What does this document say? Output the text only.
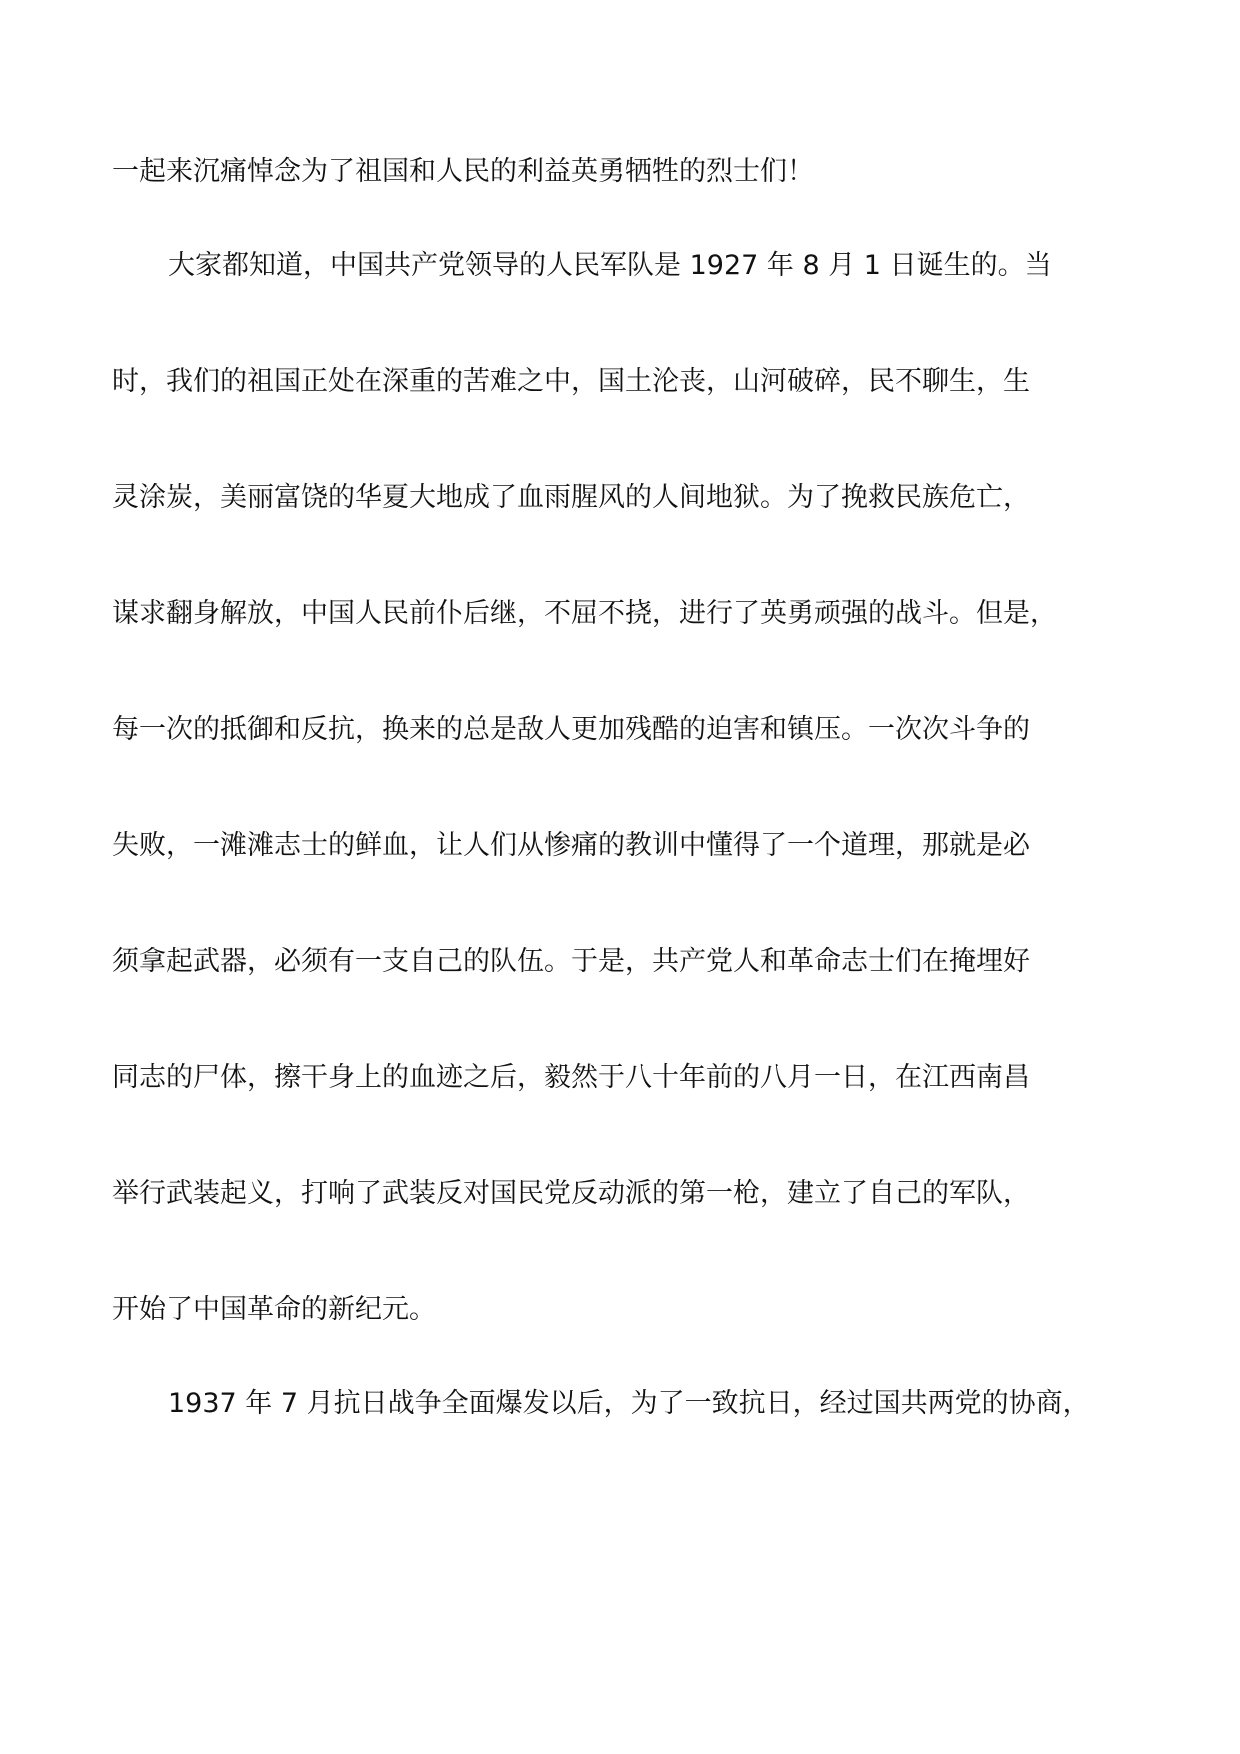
一起来沉痛悼念为了祖国和人民的利益英勇牺牲的烈士们！

大家都知道，中国共产党领导的人民军队是 1927 年 8 月 1 日诞生的。当

时，我们的祖国正处在深重的苦难之中，国土沦丧，山河破碎，民不聊生，生

灵涂炭，美丽富饶的华夏大地成了血雨腥风的人间地狱。为了挽救民族危亡，

谋求翻身解放，中国人民前仆后继，不屈不挠，进行了英勇顽强的战斗。但是，

每一次的抵御和反抗，换来的总是敌人更加残酷的迫害和镇压。一次次斗争的

失败，一滩滩志士的鲜血，让人们从惨痛的教训中懂得了一个道理，那就是必

须拿起武器，必须有一支自己的队伍。于是，共产党人和革命志士们在掩埋好

同志的尸体，擦干身上的血迹之后，毅然于八十年前的八月一日，在江西南昌

举行武装起义，打响了武装反对国民党反动派的第一枪，建立了自己的军队，

开始了中国革命的新纪元。

1937 年 7 月抗日战争全面爆发以后，为了一致抗日，经过国共两党的协商，
